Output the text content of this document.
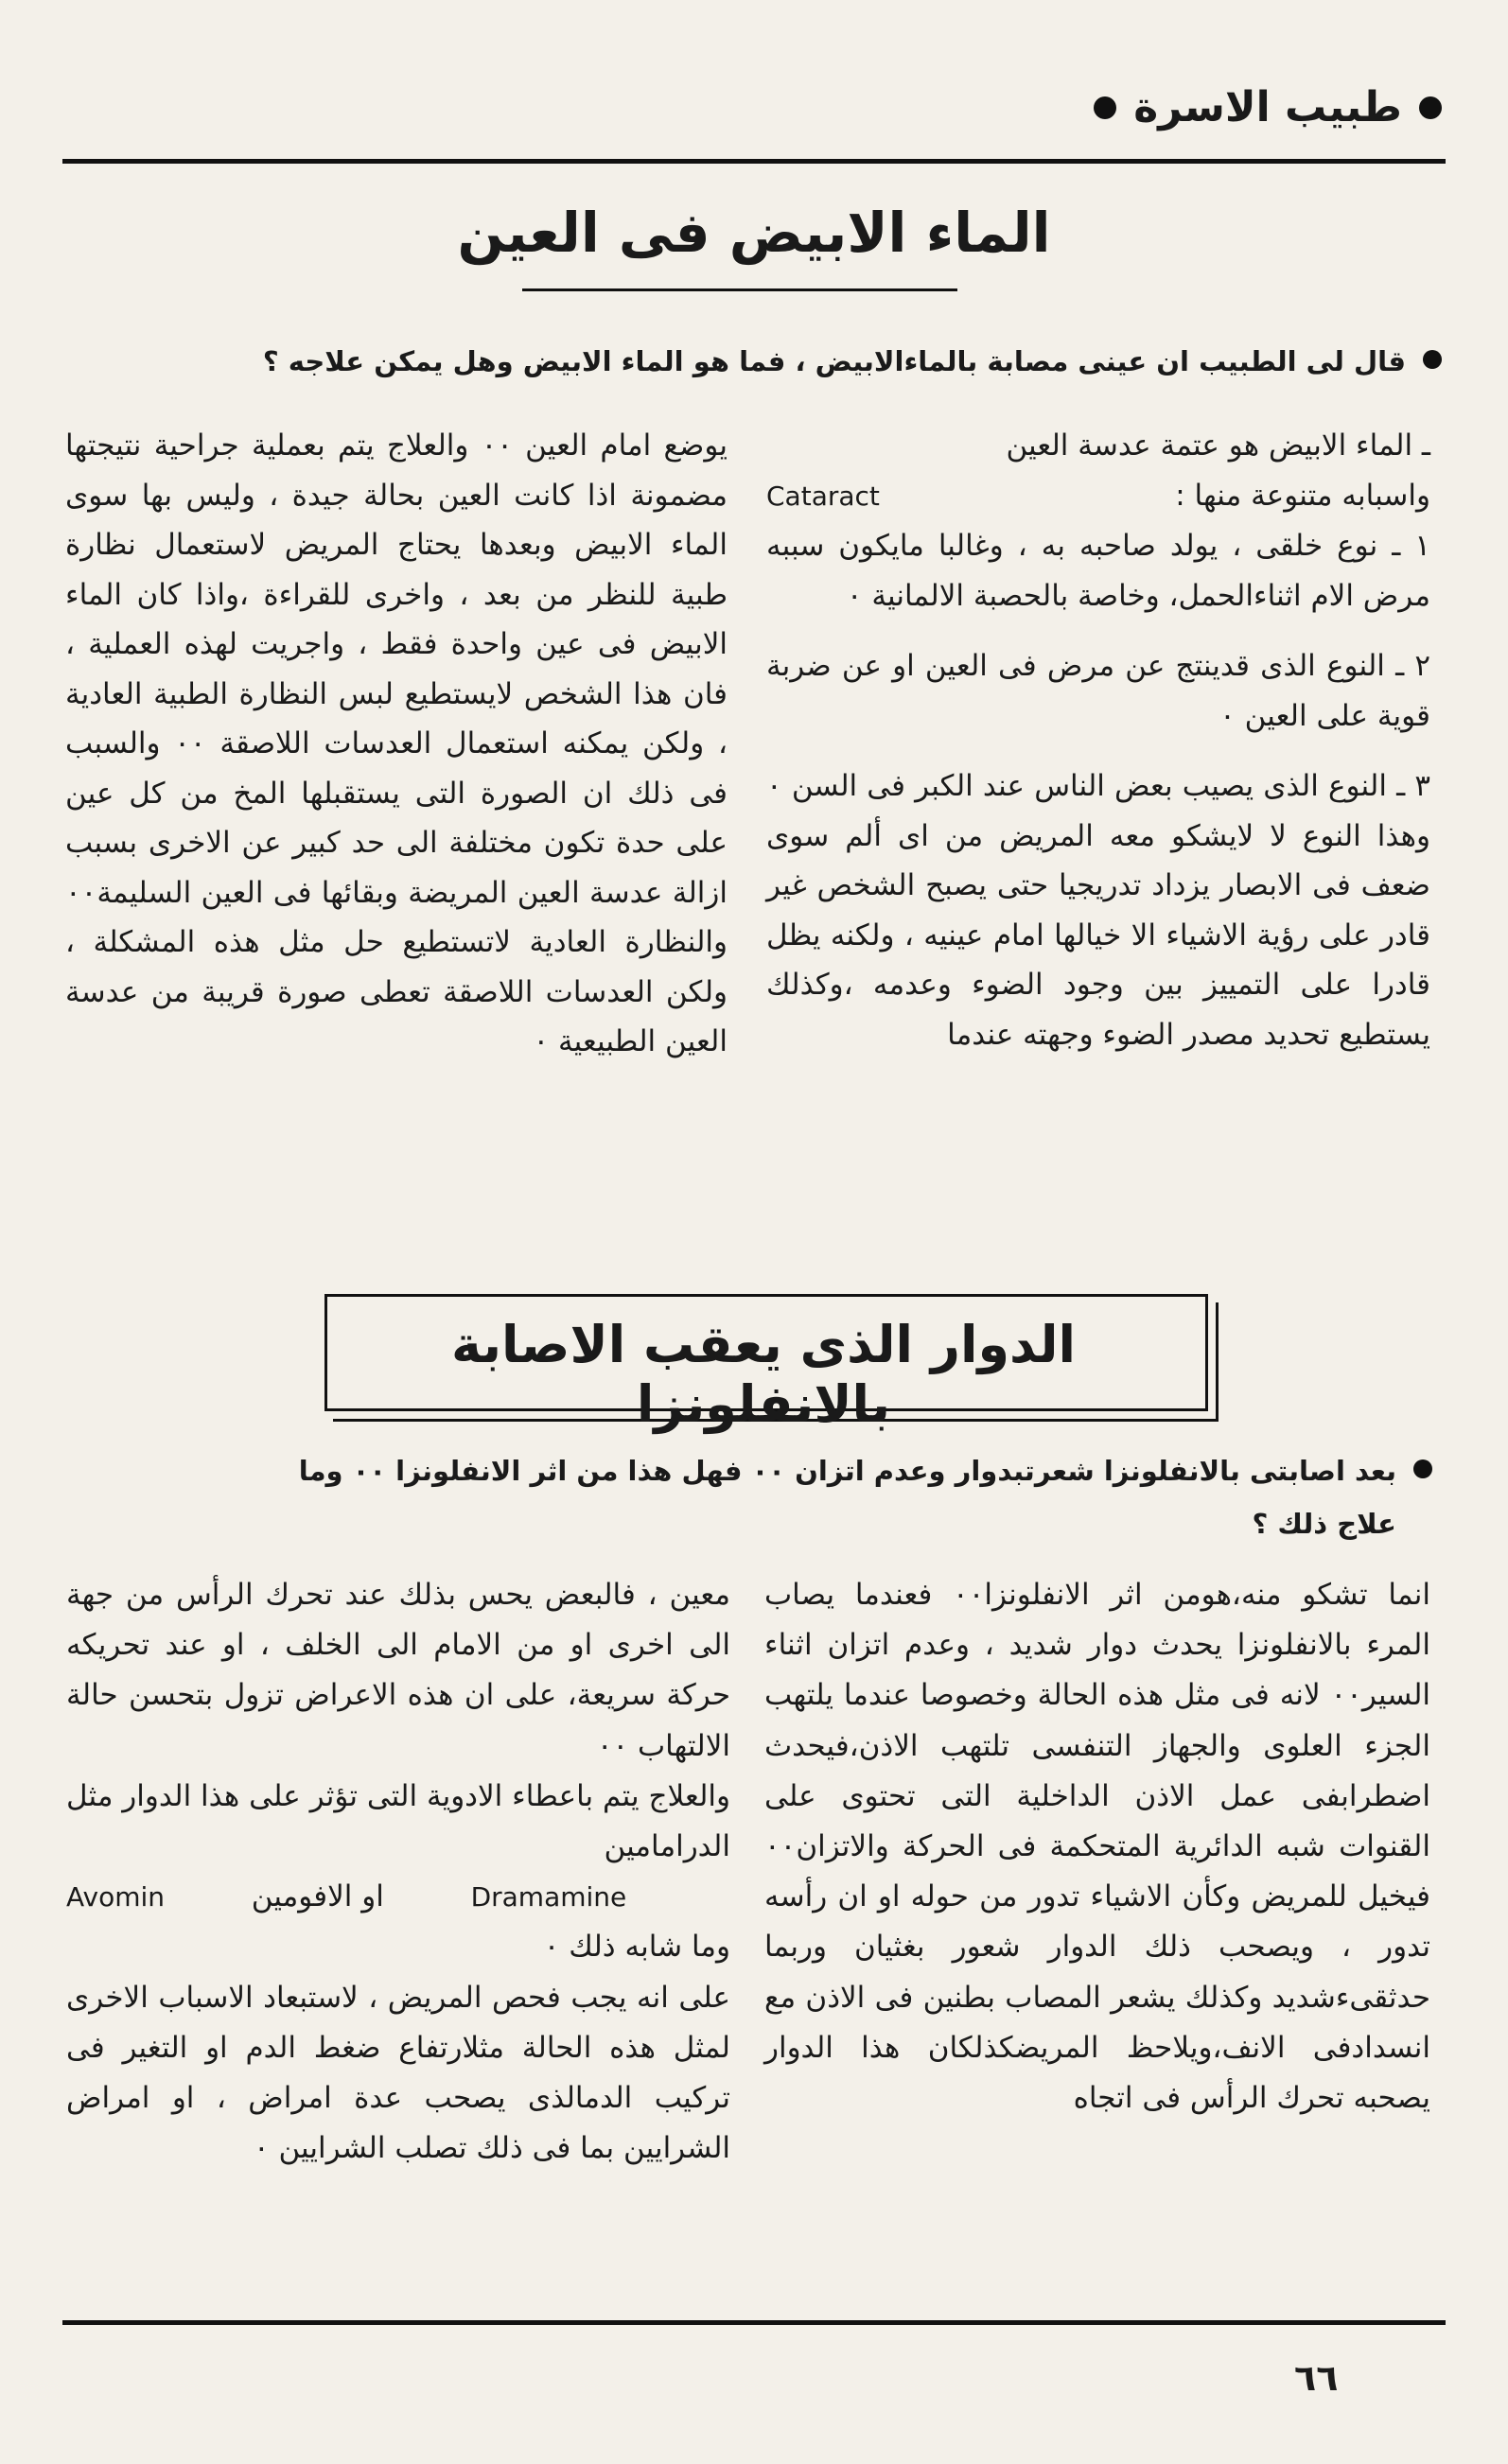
طبيب الاسرة
الماء الابيض فى العين
قال لى الطبيب ان عينى مصابة بالماءالابيض ، فما هو الماء الابيض وهل يمكن علاجه ؟

ـ الماء الابيض هو عتمة عدسة العين

واسبابه متنوعة منها :
Cataract

١ ـ نوع خلقى ، يولد صاحبه به ، وغالبا مايكون سببه مرض الام اثناءالحمل، وخاصة بالحصبة الالمانية ٠

٢ ـ النوع الذى قدينتج عن مرض فى العين او عن ضربة قوية على العين ٠

٣ ـ النوع الذى يصيب بعض الناس عند الكبر فى السن ٠ وهذا النوع لا لايشكو معه المريض من اى ألم سوى ضعف فى الابصار يزداد تدريجيا حتى يصبح الشخص غير قادر على رؤية الاشياء الا خيالها امام عينيه ، ولكنه يظل قادرا على التمييز بين وجود الضوء وعدمه ،وكذلك يستطيع تحديد مصدر الضوء وجهته عندما

يوضع امام العين ٠٠ والعلاج يتم بعملية جراحية نتيجتها مضمونة اذا كانت العين بحالة جيدة ، وليس بها سوى الماء الابيض وبعدها يحتاج المريض لاستعمال نظارة طبية للنظر من بعد ، واخرى للقراءة ،واذا كان الماء الابيض فى عين واحدة فقط ، واجريت لهذه العملية ، فان هذا الشخص لايستطيع لبس النظارة الطبية العادية ، ولكن يمكنه استعمال العدسات اللاصقة ٠٠ والسبب فى ذلك ان الصورة التى يستقبلها المخ من كل عين على حدة تكون مختلفة الى حد كبير عن الاخرى بسبب ازالة عدسة العين المريضة وبقائها فى العين السليمة٠٠ والنظارة العادية لاتستطيع حل مثل هذه المشكلة ، ولكن العدسات اللاصقة تعطى صورة قريبة من عدسة العين الطبيعية ٠

الدوار الذى يعقب الاصابة بالانفلونزا
بعد اصابتى بالانفلونزا شعرتبدوار وعدم اتزان ٠٠ فهل هذا من اثر الانفلونزا ٠٠ وما علاج ذلك ؟

انما تشكو منه،هومن اثر الانفلونزا٠٠ فعندما يصاب المرء بالانفلونزا يحدث دوار شديد ، وعدم اتزان اثناء السير٠٠ لانه فى مثل هذه الحالة وخصوصا عندما يلتهب الجزء العلوى والجهاز التنفسى تلتهب الاذن،فيحدث اضطرابفى عمل الاذن الداخلية التى تحتوى على القنوات شبه الدائرية المتحكمة فى الحركة والاتزان٠٠ فيخيل للمريض وكأن الاشياء تدور من حوله او ان رأسه تدور ، ويصحب ذلك الدوار شعور بغثيان وربما حدثقىءشديد وكذلك يشعر المصاب بطنين فى الاذن مع انسدادفى الانف،ويلاحظ المريضكذلكان هذا الدوار يصحبه تحرك الرأس فى اتجاه

معين ، فالبعض يحس بذلك عند تحرك الرأس من جهة الى اخرى او من الامام الى الخلف ، او عند تحريكه حركة سريعة، على ان هذه الاعراض تزول بتحسن حالة الالتهاب ٠٠

والعلاج يتم باعطاء الادوية التى تؤثر على هذا الدوار مثل الدرامامين

Dramamine
او الافومين
Avomin

وما شابه ذلك ٠

على انه يجب فحص المريض ، لاستبعاد الاسباب الاخرى لمثل هذه الحالة مثلارتفاع ضغط الدم او التغير فى تركيب الدمالذى يصحب عدة امراض ، او امراض الشرايين بما فى ذلك تصلب الشرايين ٠

٦٦
